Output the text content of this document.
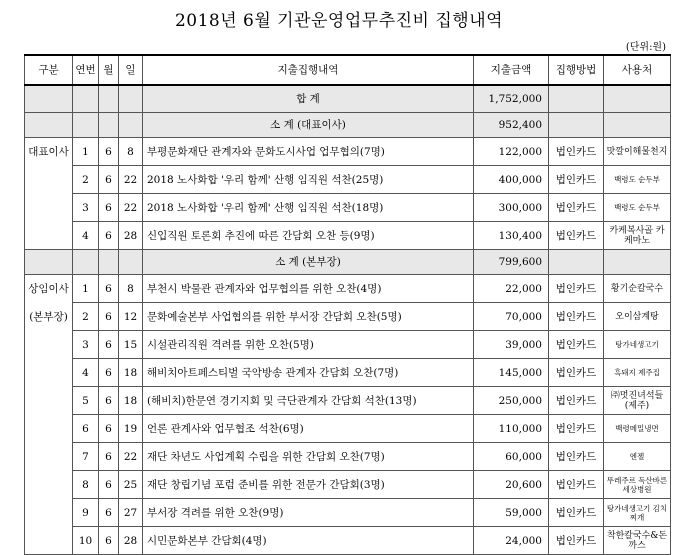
2018년 6월 기관운영업무추진비 집행내역
(단위:원)
구분	연번	월	일	지출집행내역	지출금액	집행방법	사용처
				합 계	1,752,000		
				소 계 (대표이사)	952,400		
대표이사	1	6	8	부평문화재단 관계자와 문화도시사업 업무협의(7명)	122,000	법인카드	맛깔이해물천지
	2	6	22	2018 노사화합 '우리 함께' 산행 임직원 석찬(25명)	400,000	법인카드	백령도 순두부
	3	6	22	2018 노사화합 '우리 함께' 산행 임직원 석찬(18명)	300,000	법인카드	백령도 순두부
	4	6	28	신입직원 토론회 추진에 따른 간담회 오찬 등(9명)	130,400	법인카드	카케복사골 카케마노
				소 계 (본부장)	799,600		
상임이사	1	6	8	부천시 박물관 관계자와 업무협의를 위한 오찬(4명)	22,000	법인카드	황기순칼국수
(본부장)	2	6	12	문화예술본부 사업협의를 위한 부서장 간담회 오찬(5명)	70,000	법인카드	오이삼계탕
	3	6	15	시설관리직원 격려를 위한 오찬(5명)	39,000	법인카드	탕가네생고기
	4	6	18	해비치아트페스티벌 국악방송 관계자 간담회 오찬(7명)	145,000	법인카드	흑돼지 제주집
	5	6	18	(해비치)한문연 경기지회 및 극단관계자 간담회 석찬(13명)	250,000	법인카드	㈜멋진녀석들(제주)
	6	6	19	언론 관계사와 업무협조 석찬(6명)	110,000	법인카드	백령메밀냉면
	7	6	22	재단 차년도 사업계획 수립을 위한 간담회 오찬(7명)	60,000	법인카드	엔젤
	8	6	25	재단 창립기념 포럼 준비를 위한 전문가 간담회(3명)	20,600	법인카드	뚜레주르 독산바른세상병원
	9	6	27	부서장 격려를 위한 오찬(9명)	59,000	법인카드	탕가네생고기 김치찌개
	10	6	28	시민문화본부 간담회(4명)	24,000	법인카드	착한칼국수&돈까스
